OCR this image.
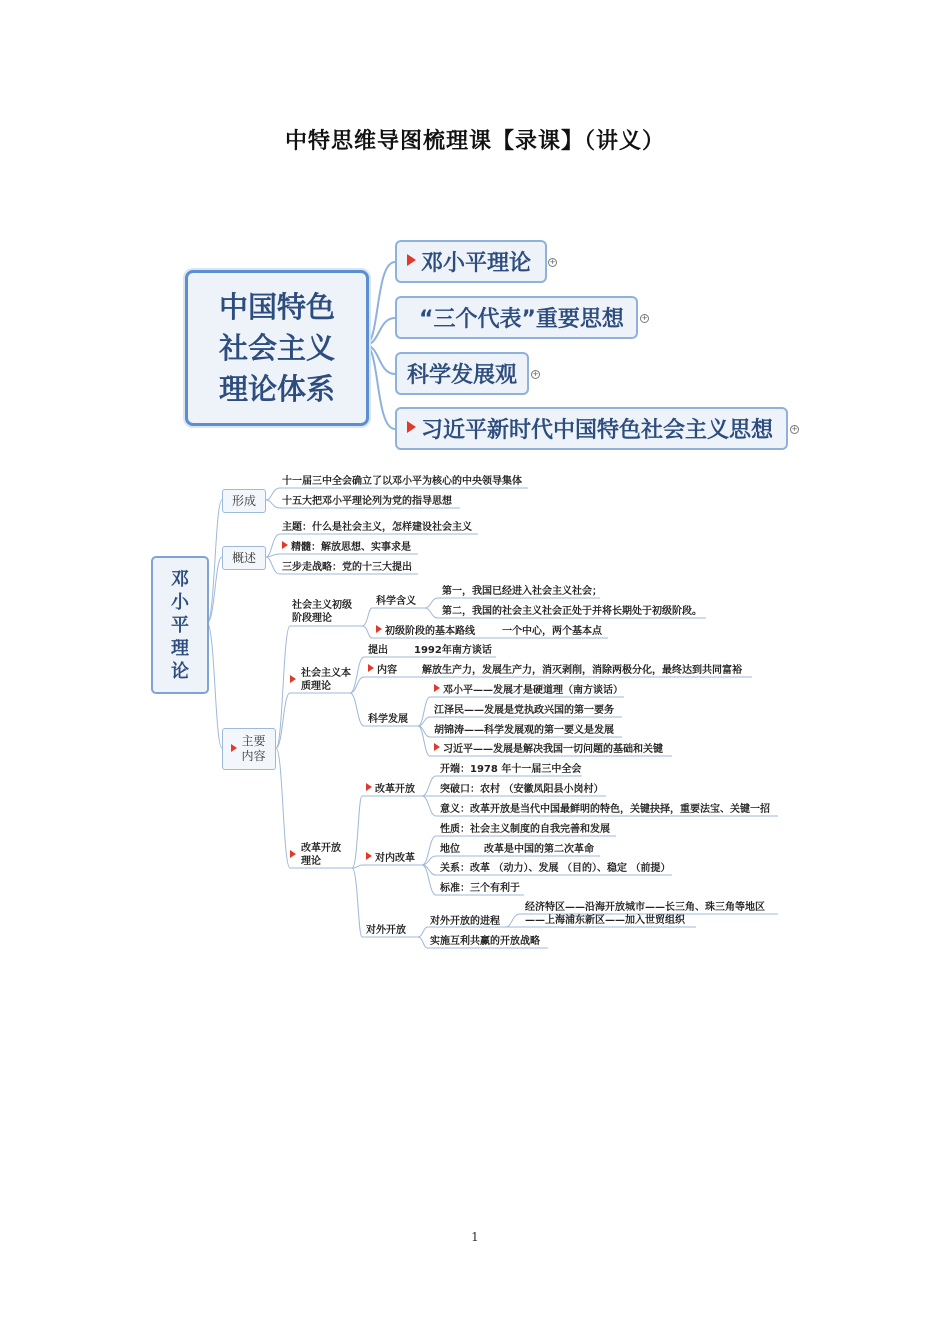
中特思维导图梳理课【录课】（讲义）
中国特色社会主义理论体系
邓小平理论	+
“三个代表”重要思想	+
科学发展观 +
习近平新时代中国特色社会主义思想	+
邓
小
平
理
论
形成
十一届三中全会确立了以邓小平为核心的中央领导集体
十五大把邓小平理论列为党的指导思想
概述
主题：什么是社会主义，怎样建设社会主义
精髓：解放思想、实事求是
三步走战略：党的十三大提出
主要内容
社会主义初级阶段理论
科学含义
第一，我国已经进入社会主义社会；
第二，我国的社会主义社会正处于并将长期处于初级阶段。
初级阶段的基本路线	一个中心，两个基本点
社会主义本质理论
提出	1992年南方谈话
内容	解放生产力，发展生产力，消灭剥削，消除两极分化，最终达到共同富裕
科学发展
邓小平——发展才是硬道理（南方谈话）
江泽民——发展是党执政兴国的第一要务
胡锦涛——科学发展观的第一要义是发展
习近平——发展是解决我国一切问题的基础和关键
改革开放理论
改革开放
开端：1978 年十一届三中全会
突破口：农村 （安徽凤阳县小岗村）
意义：改革开放是当代中国最鲜明的特色，关键抉择，重要法宝、关键一招
对内改革
性质：社会主义制度的自我完善和发展
地位 改革是中国的第二次革命
关系：改革 （动力）、发展 （目的）、稳定 （前提）
标准：三个有利于
对外开放
对外开放的进程
经济特区——沿海开放城市——长三角、珠三角等地区
——上海浦东新区——加入世贸组织
实施互利共赢的开放战略
1
